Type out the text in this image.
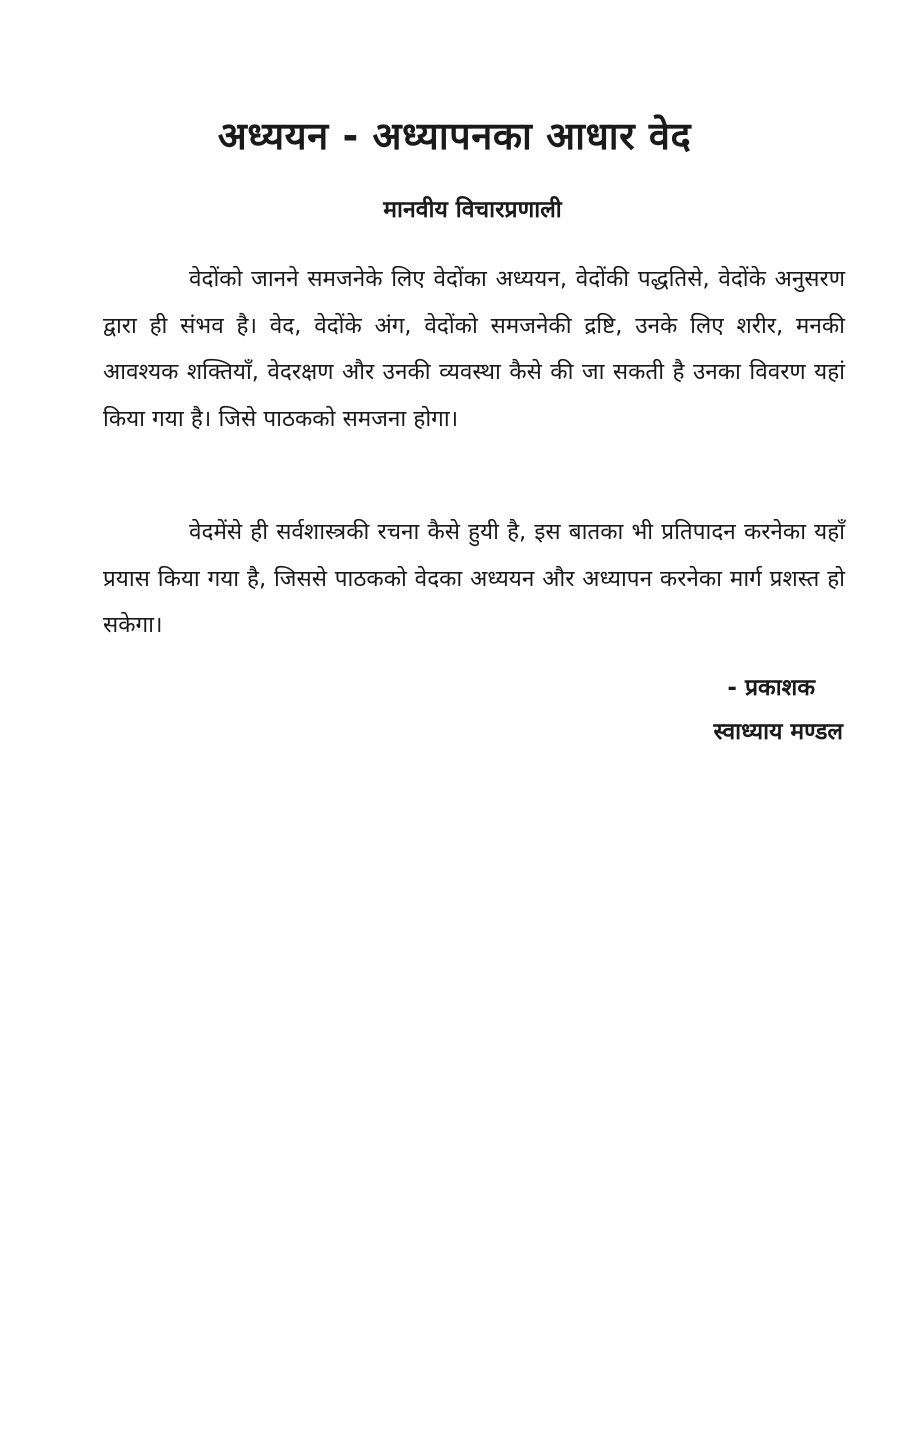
अध्ययन - अध्यापनका आधार वेद
मानवीय विचारप्रणाली

वेदोंको जानने समजनेके लिए वेदोंका अध्ययन, वेदोंकी पद्धतिसे, वेदोंके अनुसरण द्वारा ही संभव है। वेद, वेदोंके अंग, वेदोंको समजनेकी द्रष्टि, उनके लिए शरीर, मनकी आवश्यक शक्तियाँ, वेदरक्षण और उनकी व्यवस्था कैसे की जा सकती है उनका विवरण यहां किया गया है। जिसे पाठकको समजना होगा।

वेदमेंसे ही सर्वशास्त्रकी रचना कैसे हुयी है, इस बातका भी प्रतिपादन करनेका यहाँ प्रयास किया गया है, जिससे पाठकको वेदका अध्ययन और अध्यापन करनेका मार्ग प्रशस्त हो सकेगा।

- प्रकाशक
स्वाध्याय मण्डल
